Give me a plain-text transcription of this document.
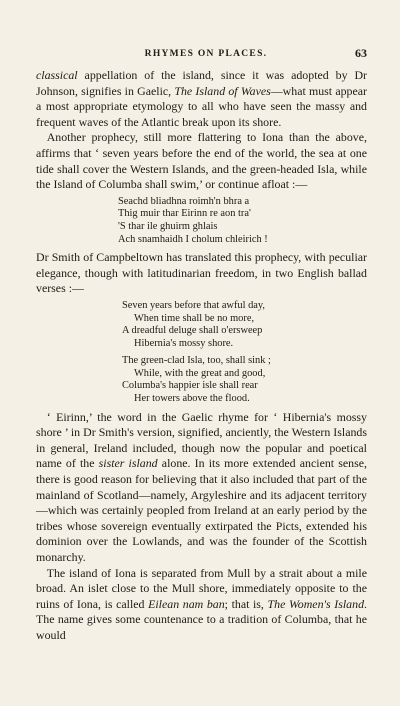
RHYMES ON PLACES.	63

classical appellation of the island, since it was adopted by Dr Johnson, signifies in Gaelic, The Island of Waves—what must appear a most appropriate etymology to all who have seen the massy and frequent waves of the Atlantic break upon its shore.

Another prophecy, still more flattering to Iona than the above, affirms that ‘ seven years before the end of the world, the sea at one tide shall cover the Western Islands, and the green-headed Isla, while the Island of Columba shall swim,’ or continue afloat :—

Seachd bliadhna roimh'n bhra a
Thig muir thar Eirinn re aon tra'
'S thar ile ghuirm ghlais
Ach snamhaidh I cholum chleirich !

Dr Smith of Campbeltown has translated this prophecy, with peculiar elegance, though with latitudinarian freedom, in two English ballad verses :—

Seven years before that awful day,
When time shall be no more,
A dreadful deluge shall o'ersweep
Hibernia's mossy shore.
The green-clad Isla, too, shall sink ;
While, with the great and good,
Columba's happier isle shall rear
Her towers above the flood.

‘ Eirinn,’ the word in the Gaelic rhyme for ‘ Hibernia's mossy shore ’ in Dr Smith's version, signified, anciently, the Western Islands in general, Ireland included, though now the popular and poetical name of the sister island alone. In its more extended ancient sense, there is good reason for believing that it also included that part of the mainland of Scotland—namely, Argyleshire and its adjacent territory—which was certainly peopled from Ireland at an early period by the tribes whose sovereign eventually extirpated the Picts, extended his dominion over the Lowlands, and was the founder of the Scottish monarchy.

The island of Iona is separated from Mull by a strait about a mile broad. An islet close to the Mull shore, immediately opposite to the ruins of Iona, is called Eilean nam ban; that is, The Women's Island. The name gives some countenance to a tradition of Columba, that he would
